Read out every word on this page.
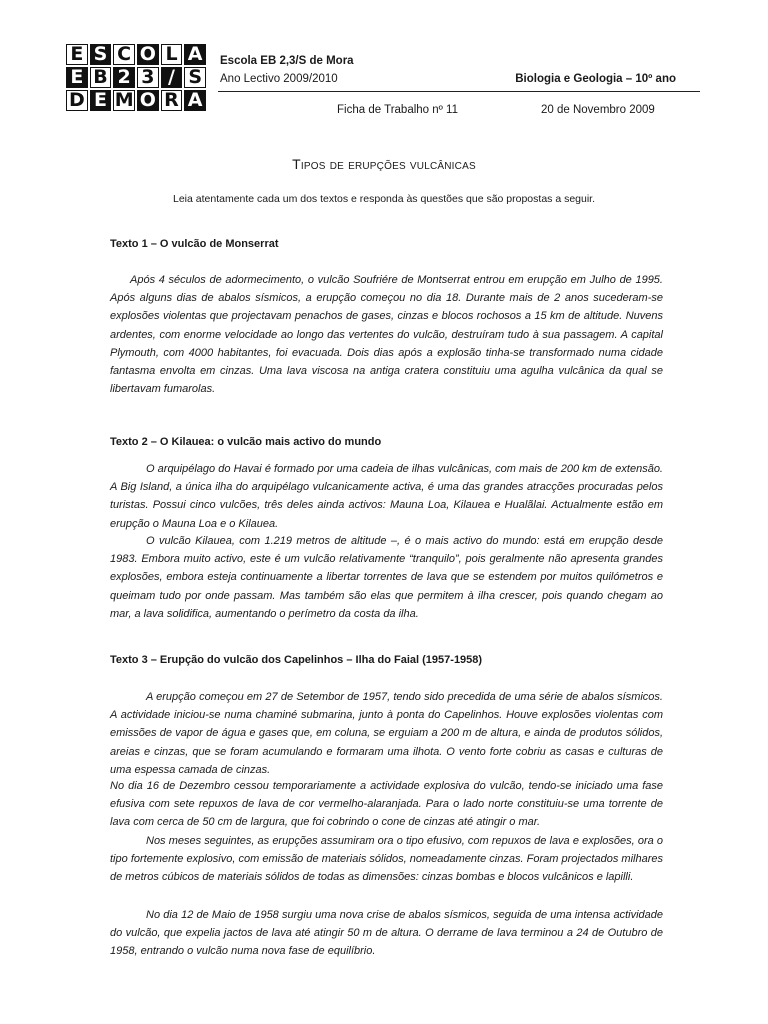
E S C O L A
E B 2 3 / S
D E M O R A
Escola EB 2,3/S de Mora
Ano Lectivo 2009/2010	Biologia e Geologia – 10º ano
Ficha de Trabalho nº 11	20 de Novembro 2009
Tipos de erupções vulcânicas
Leia atentamente cada um dos textos e responda às questões que são propostas a seguir.
Texto 1 – O vulcão de Monserrat

Após 4 séculos de adormecimento, o vulcão Soufriére de Montserrat entrou em erupção em Julho de 1995. Após alguns dias de abalos sísmicos, a erupção começou no dia 18. Durante mais de 2 anos sucederam-se explosões violentas que projectavam penachos de gases, cinzas e blocos rochosos a 15 km de altitude. Nuvens ardentes, com enorme velocidade ao longo das vertentes do vulcão, destruíram tudo à sua passagem. A capital Plymouth, com 4000 habitantes, foi evacuada. Dois dias após a explosão tinha-se transformado numa cidade fantasma envolta em cinzas. Uma lava viscosa na antiga cratera constituiu uma agulha vulcânica da qual se libertavam fumarolas.

Texto 2 – O Kilauea: o vulcão mais activo do mundo

O arquipélago do Havai é formado por uma cadeia de ilhas vulcânicas, com mais de 200 km de extensão. A Big Island, a única ilha do arquipélago vulcanicamente activa, é uma das grandes atracções procuradas pelos turistas. Possui cinco vulcões, três deles ainda activos: Mauna Loa, Kilauea e Hualãlai. Actualmente estão em erupção o Mauna Loa e o Kilauea.

O vulcão Kilauea, com 1.219 metros de altitude –, é o mais activo do mundo: está em erupção desde 1983. Embora muito activo, este é um vulcão relativamente “tranquilo”, pois geralmente não apresenta grandes explosões, embora esteja continuamente a libertar torrentes de lava que se estendem por muitos quilómetros e queimam tudo por onde passam. Mas também são elas que permitem à ilha crescer, pois quando chegam ao mar, a lava solidifica, aumentando o perímetro da costa da ilha.

Texto 3 – Erupção do vulcão dos Capelinhos – Ilha do Faial (1957-1958)

A erupção começou em 27 de Setembor de 1957, tendo sido precedida de uma série de abalos sísmicos. A actividade iniciou-se numa chaminé submarina, junto à ponta do Capelinhos. Houve explosões violentas com emissões de vapor de água e gases que, em coluna, se erguiam a 200 m de altura, e ainda de produtos sólidos, areias e cinzas, que se foram acumulando e formaram uma ilhota. O vento forte cobriu as casas e culturas de uma espessa camada de cinzas.

No dia 16 de Dezembro cessou temporariamente a actividade explosiva do vulcão, tendo-se iniciado uma fase efusiva com sete repuxos de lava de cor vermelho-alaranjada. Para o lado norte constituiu-se uma torrente de lava com cerca de 50 cm de largura, que foi cobrindo o cone de cinzas até atingir o mar.

Nos meses seguintes, as erupções assumiram ora o tipo efusivo, com repuxos de lava e explosões, ora o tipo fortemente explosivo, com emissão de materiais sólidos, nomeadamente cinzas. Foram projectados milhares de metros cúbicos de materiais sólidos de todas as dimensões: cinzas bombas e blocos vulcânicos e lapilli.

No dia 12 de Maio de 1958 surgiu uma nova crise de abalos sísmicos, seguida de uma intensa actividade do vulcão, que expelia jactos de lava até atingir 50 m de altura. O derrame de lava terminou a 24 de Outubro de 1958, entrando o vulcão numa nova fase de equilíbrio.
